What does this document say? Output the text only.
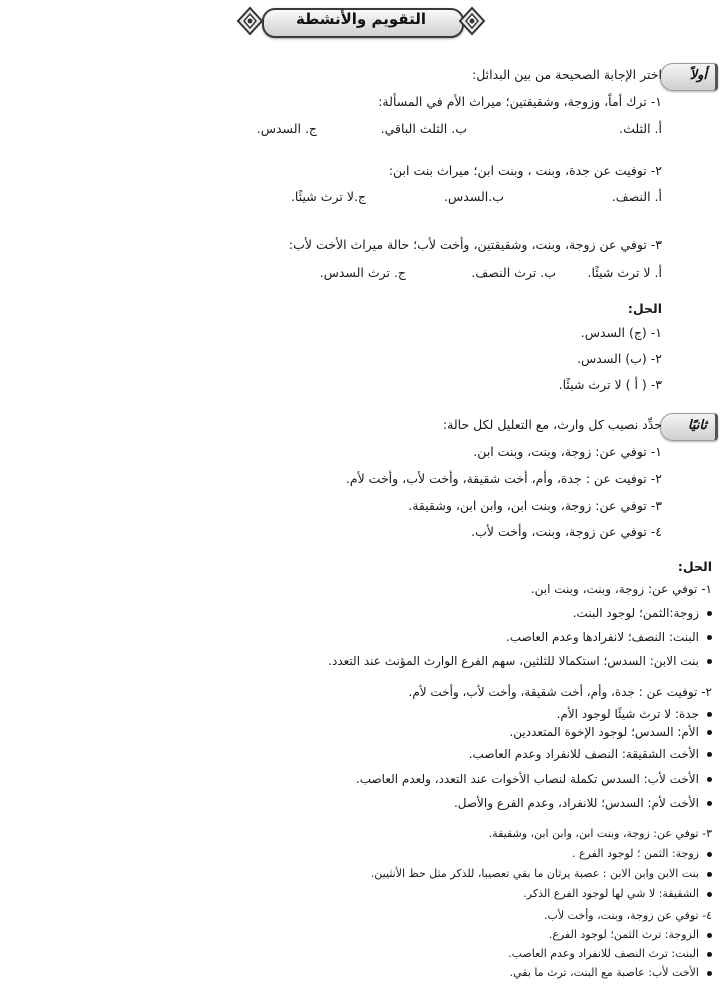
التقويم والأنشطة
أولاً
اختر الإجابة الصحيحة من بين البدائل:
١- ترك أماً، وزوجة، وشقيقتين؛ ميراث الأم في المسألة:
أ. الثلث.
ب. الثلث الباقي.
ج. السدس.
٢- توفيت عن جدة، وبنت ، وبنت ابن؛ ميراث بنت ابن:
أ. النصف.
ب.السدس.
ج.لا ترث شيئًا.
٣- توفي عن زوجة، وبنت، وشقيقتين، وأخت لأب؛ حالة ميراث الأخت لأب:
أ. لا ترث شيئًا.
ب. ترث النصف.
ج. ترث السدس.
الحل:
١- (ج) السدس.
٢- (ب) السدس.
٣- ( أ ) لا ترث شيئًا.
ثانيًا
حدِّد نصيب كل وارث، مع التعليل لكل حالة:
١- توفي عن: زوجة، وبنت، وبنت ابن.
٢- توفيت عن : جدة، وأم، أخت شقيقة، وأخت لأب، وأخت لأم.
٣- توفي عن: زوجة، وبنت ابن، وابن ابن، وشقيقة.
٤- توفي عن زوجة، وبنت، وأخت لأب.
الحل:
١- توفي عن: زوجة، وبنت، وبنت ابن.
زوجة:الثمن؛ لوجود البنت.
البنت: النصف؛ لانفرادها وعدم العاصب.
بنت الابن: السدس؛ استكمالا للثلثين، سهم الفرع الوارث المؤنث عند التعدد.
٢- توفيت عن : جدة، وأم، أخت شقيقة، وأخت لأب، وأخت لأم.
جدة: لا ترث شيئًا لوجود الأم.
الأم: السدس؛ لوجود الإخوة المتعددين.
الأخت الشقيقة: النصف للانفراد وعدم العاصب.
الأخت لأب: السدس تكملة لنصاب الأخوات عند التعدد، ولعدم العاصب.
الأخت لأم: السدس؛ للانفراد، وعدم الفرع والأصل.
٣- توفي عن: زوجة، وبنت ابن، وابن ابن، وشقيقة.
زوجة: الثمن ؛ لوجود الفرع .
بنت الابن وابن الابن : عصبة يرثان ما بقي تعصيبا، للذكر مثل حظ الأنثيين.
الشقيقة: لا شي لها لوجود الفرع الذكر.
٤- توفي عن زوجة، وبنت، وأخت لأب.
الزوجة: ترث الثمن؛ لوجود الفرع.
البنت: ترث النصف للانفراد وعدم العاصب.
الأخت لأب: عاصبة مع البنت، ترث ما بقي.
